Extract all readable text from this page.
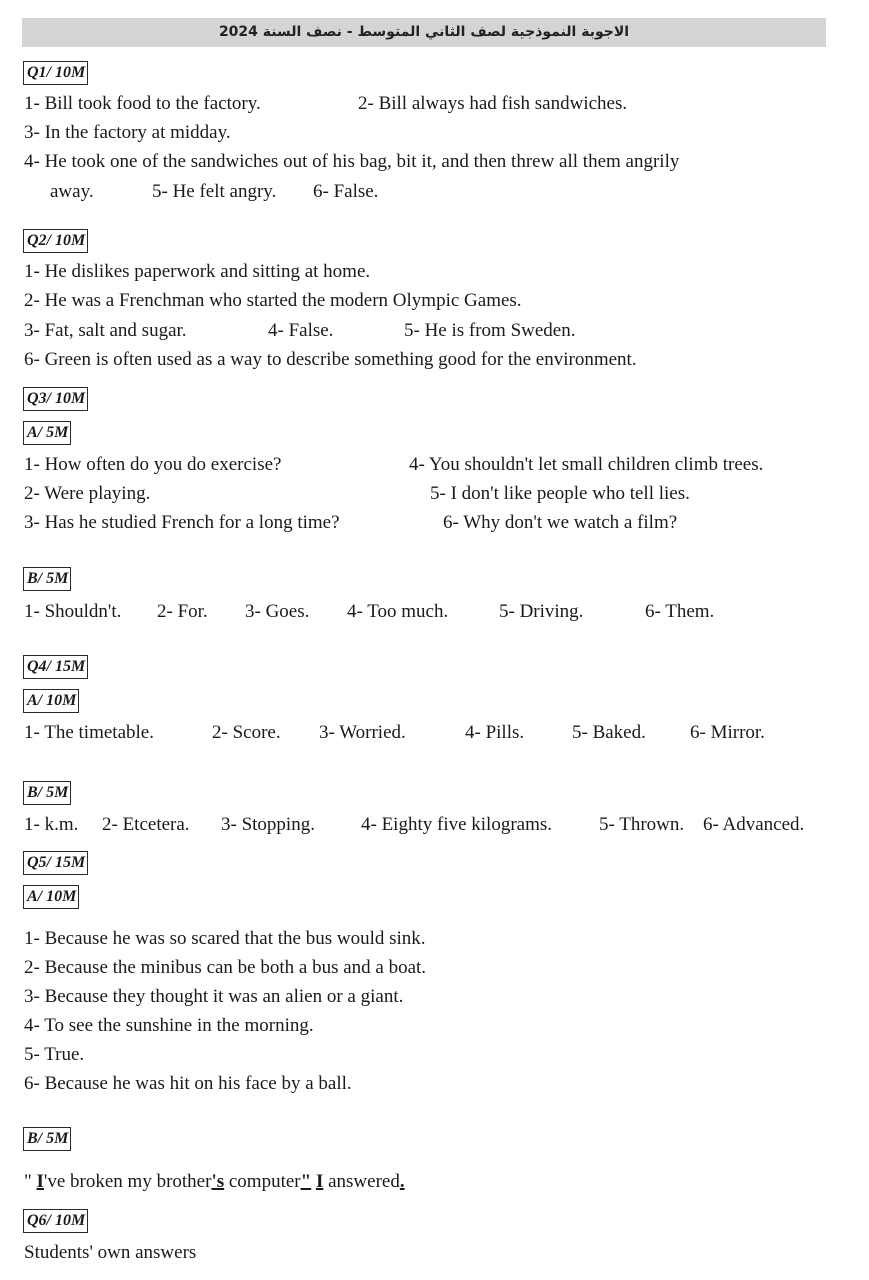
الاجوبة النموذجية لصف الثاني المتوسط - نصف السنة 2024
Q1/ 10M
1- Bill took food to the factory.	2- Bill always had fish sandwiches.
3- In the factory at midday.
4- He took one of the sandwiches out of his bag, bit it, and then threw all them angrily
away.	5- He felt angry. 6- False.
Q2/ 10M
1- He dislikes paperwork and sitting at home.
2- He was a Frenchman who started the modern Olympic Games.
3- Fat, salt and sugar.	4- False.	5- He is from Sweden.
6- Green is often used as a way to describe something good for the environment.
Q3/ 10M
A/ 5M
1- How often do you do exercise?	4- You shouldn't let small children climb trees.
2- Were playing.	5- I don't like people who tell lies.
3- Has he studied French for a long time?	6- Why don't we watch a film?
B/ 5M
1- Shouldn't. 2- For. 3- Goes. 4- Too much.	5- Driving.	6- Them.
Q4/ 15M
A/ 10M
1- The timetable.	2- Score. 3- Worried.	4- Pills.	5- Baked. 6- Mirror.
B/ 5M
1- k.m. 2- Etcetera. 3- Stopping. 4- Eighty five kilograms. 5- Thrown. 6- Advanced.
Q5/ 15M
A/ 10M
1- Because he was so scared that the bus would sink.
2- Because the minibus can be both a bus and a boat.
3- Because they thought it was an alien or a giant.
4- To see the sunshine in the morning.
5- True.
6- Because he was hit on his face by a ball.
B/ 5M
" I've broken my brother's computer" I answered.
Q6/ 10M
Students' own answers
